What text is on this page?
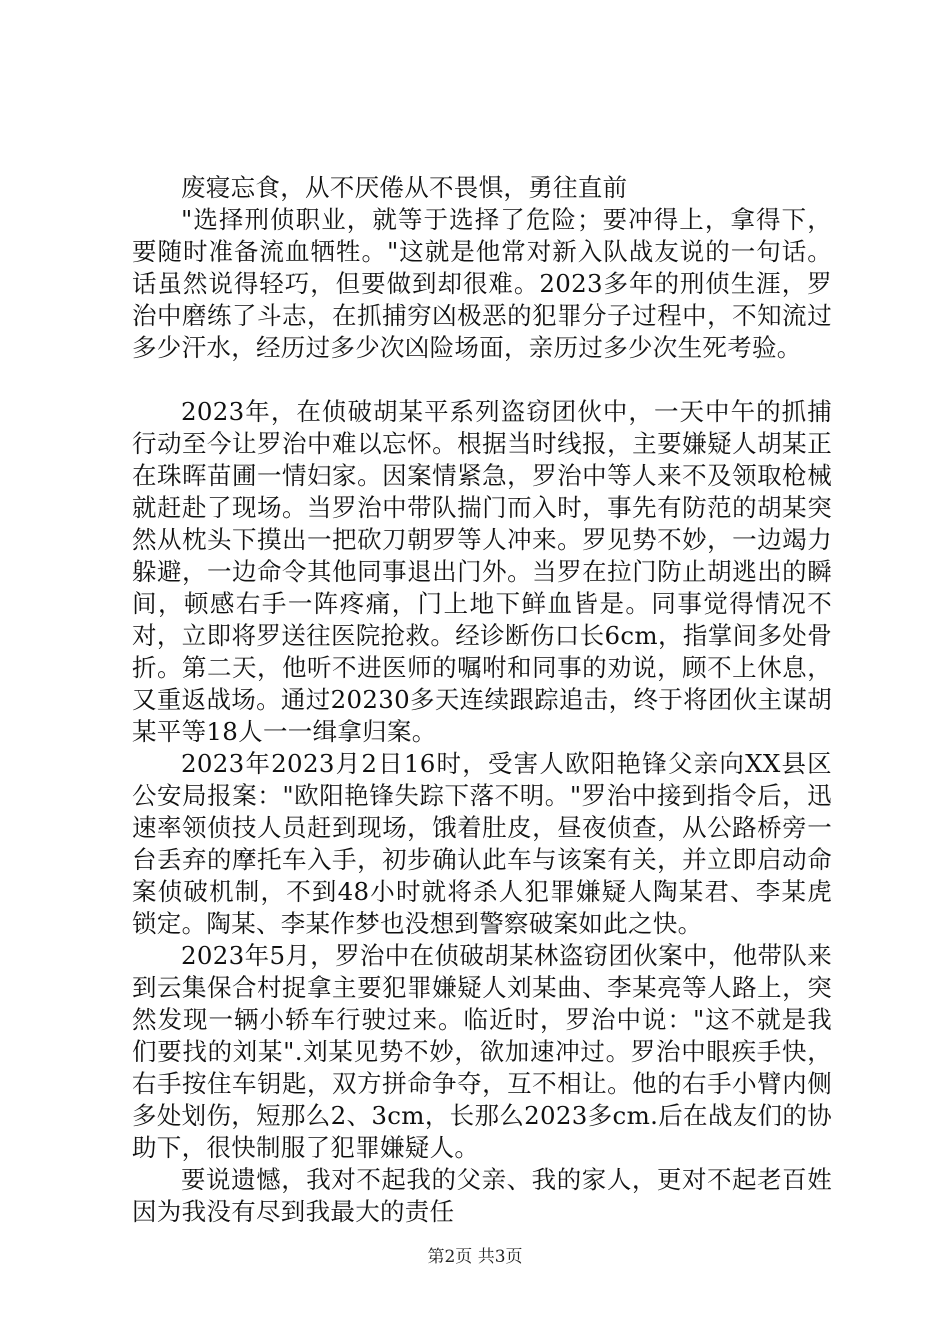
废寝忘食，从不厌倦从不畏惧，勇往直前

"选择刑侦职业，就等于选择了危险；要冲得上，拿得下，要随时准备流血牺牲。"这就是他常对新入队战友说的一句话。话虽然说得轻巧，但要做到却很难。2023多年的刑侦生涯，罗治中磨练了斗志，在抓捕穷凶极恶的犯罪分子过程中，不知流过多少汗水，经历过多少次凶险场面，亲历过多少次生死考验。

2023年，在侦破胡某平系列盗窃团伙中，一天中午的抓捕行动至今让罗治中难以忘怀。根据当时线报，主要嫌疑人胡某正在珠晖苗圃一情妇家。因案情紧急，罗治中等人来不及领取枪械就赶赴了现场。当罗治中带队揣门而入时，事先有防范的胡某突然从枕头下摸出一把砍刀朝罗等人冲来。罗见势不妙，一边竭力躲避，一边命令其他同事退出门外。当罗在拉门防止胡逃出的瞬间，顿感右手一阵疼痛，门上地下鲜血皆是。同事觉得情况不对，立即将罗送往医院抢救。经诊断伤口长6cm，指掌间多处骨折。第二天，他听不进医师的嘱咐和同事的劝说，顾不上休息，又重返战场。通过20230多天连续跟踪追击，终于将团伙主谋胡某平等18人一一缉拿归案。

2023年2023月2日16时，受害人欧阳艳锋父亲向XX县区公安局报案："欧阳艳锋失踪下落不明。"罗治中接到指令后，迅速率领侦技人员赶到现场，饿着肚皮，昼夜侦查，从公路桥旁一台丢弃的摩托车入手，初步确认此车与该案有关，并立即启动命案侦破机制，不到48小时就将杀人犯罪嫌疑人陶某君、李某虎锁定。陶某、李某作梦也没想到警察破案如此之快。

2023年5月，罗治中在侦破胡某林盗窃团伙案中，他带队来到云集保合村捉拿主要犯罪嫌疑人刘某曲、李某亮等人路上，突然发现一辆小轿车行驶过来。临近时，罗治中说："这不就是我们要找的刘某".刘某见势不妙，欲加速冲过。罗治中眼疾手快，右手按住车钥匙，双方拼命争夺，互不相让。他的右手小臂内侧多处划伤，短那么2、3cm，长那么2023多cm.后在战友们的协助下，很快制服了犯罪嫌疑人。

要说遗憾，我对不起我的父亲、我的家人，更对不起老百姓因为我没有尽到我最大的责任

第2页 共3页
